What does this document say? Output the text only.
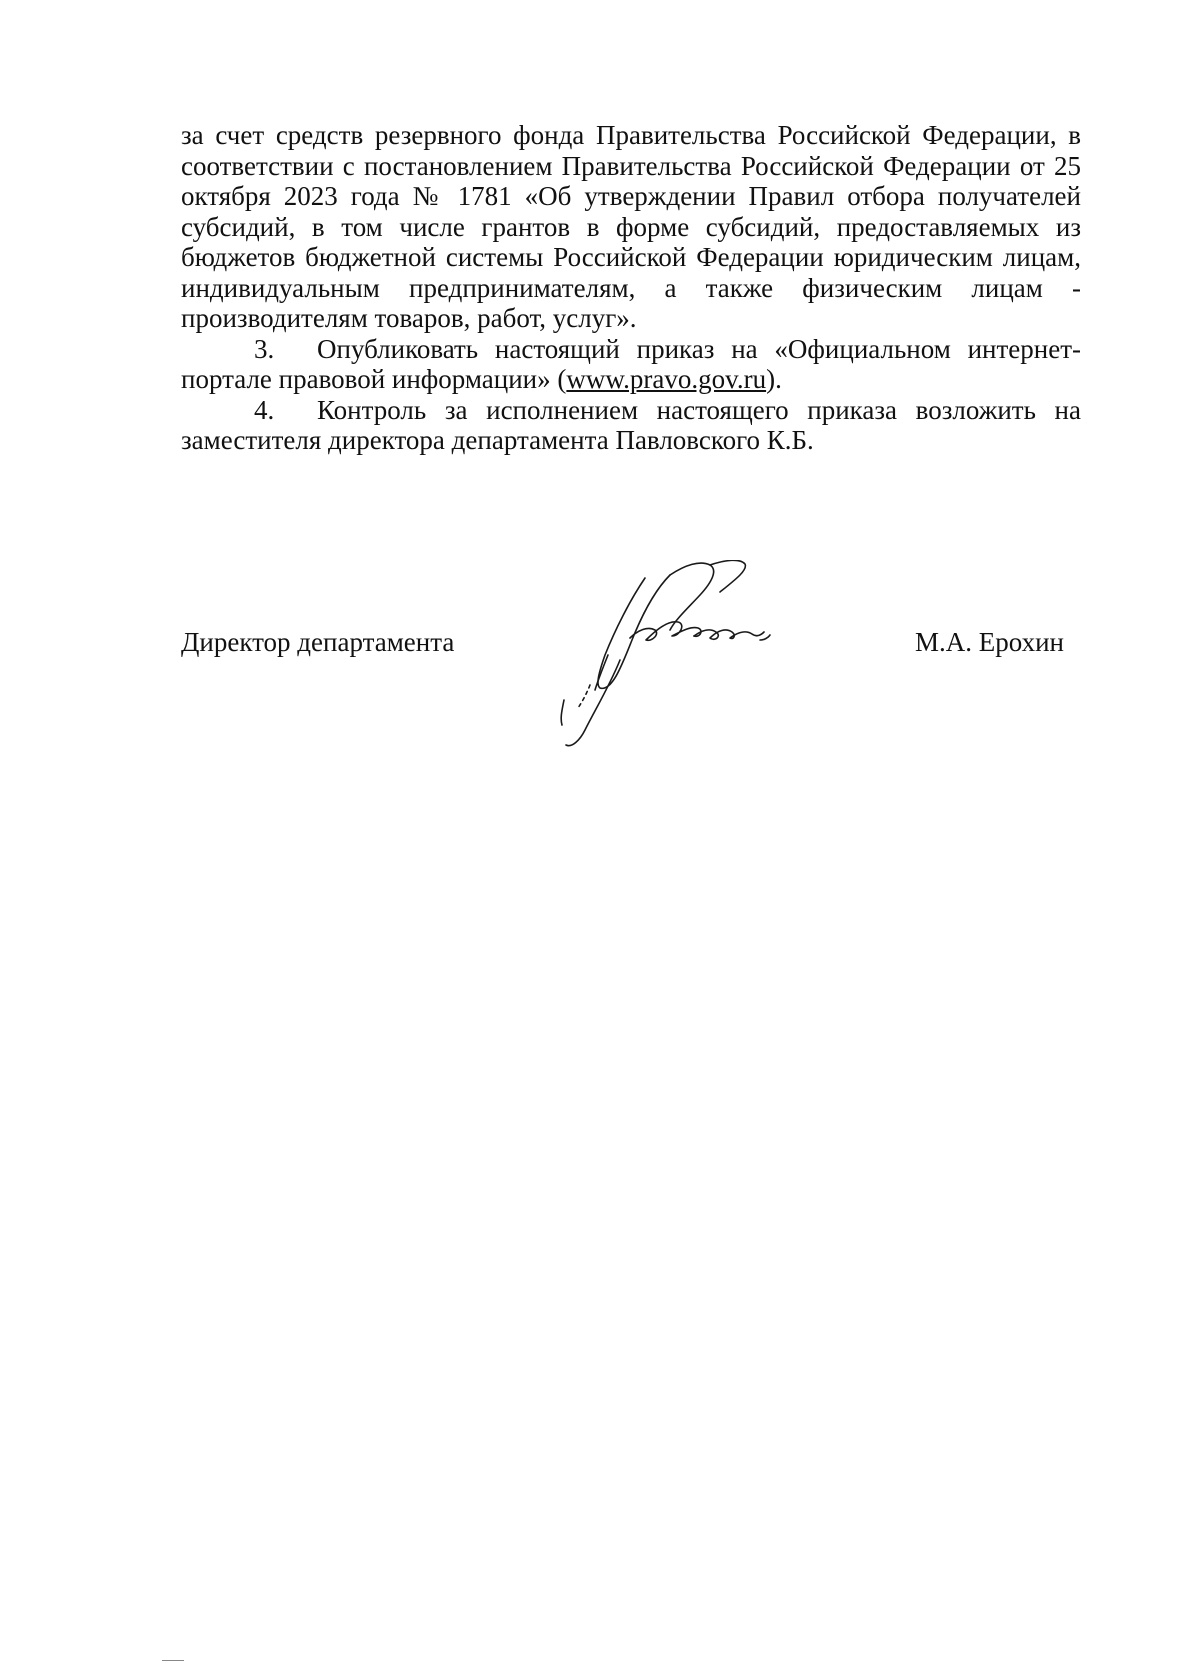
за счет средств резервного фонда Правительства Российской Федерации, в соответствии с постановлением Правительства Российской Федерации от 25 октября 2023 года № 1781 «Об утверждении Правил отбора получателей субсидий, в том числе грантов в форме субсидий, предоставляемых из бюджетов бюджетной системы Российской Федерации юридическим лицам, индивидуальным предпринимателям, а также физическим лицам - производителям товаров, работ, услуг».

3. Опубликовать настоящий приказ на «Официальном интернет-портале правовой информации» (www.pravo.gov.ru).

4. Контроль за исполнением настоящего приказа возложить на заместителя директора департамента Павловского К.Б.

Директор департамента	М.А. Ерохин
